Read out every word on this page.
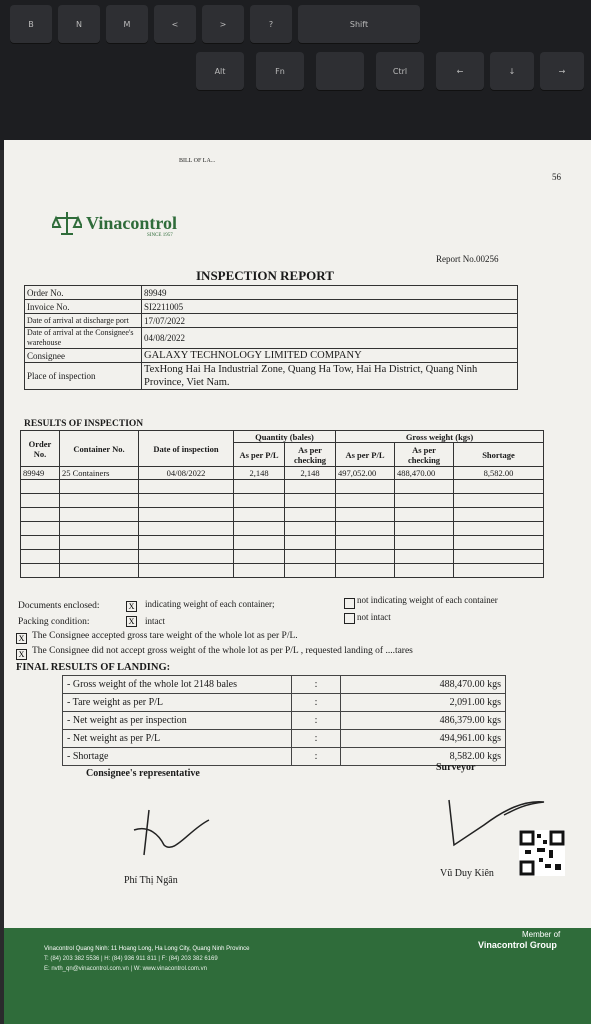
B	N	M	<	>	?	Shift
Alt	Fn	Ctrl	←	↓	→
BILL OF LA...
56
Vinacontrol
SINCE 1957
Report No.00256
INSPECTION REPORT
Order No.	89949
Invoice No.	SI2211005
Date of arrival at discharge port	17/07/2022
Date of arrival at the Consignee's warehouse	04/08/2022
Consignee	GALAXY TECHNOLOGY LIMITED COMPANY
Place of inspection	TexHong Hai Ha Industrial Zone, Quang Ha Tow, Hai Ha District, Quang Ninh Province, Viet Nam.
RESULTS OF INSPECTION
Order No.	Container No.	Date of inspection	Quantity (bales)		Gross weight (kgs)		
			As per P/L	As per checking	As per P/L	As per checking	Shortage
89949	25 Containers	04/08/2022	2,148	2,148	497,052.00	488,470.00	8,582.00

Documents enclosed:	X indicating weight of each container;	not indicating weight of each container
Packing condition:	X intact	not intact
X The Consignee accepted gross tare weight of the whole lot as per P/L.
X The Consignee did not accept gross weight of the whole lot as per P/L , requested landing of ....tares
FINAL RESULTS OF LANDING:
- Gross weight of the whole lot 2148 bales	:	488,470.00 kgs
- Tare weight as per P/L	:	2,091.00 kgs
- Net weight as per inspection	:	486,379.00 kgs
- Net weight as per P/L	:	494,961.00 kgs
- Shortage	:	8,582.00 kgs
Consignee's representative
Surveyor
Phí Thị Ngân
Vũ Duy Kiên
Vinacontrol Quang Ninh: 11 Hoang Long, Ha Long City, Quang Ninh Province
T: (84) 203 382 5536 | H: (84) 936 911 811 | F: (84) 203 382 6169
E: nvth_qn@vinacontrol.com.vn | W: www.vinacontrol.com.vn
Member of
Vinacontrol Group
